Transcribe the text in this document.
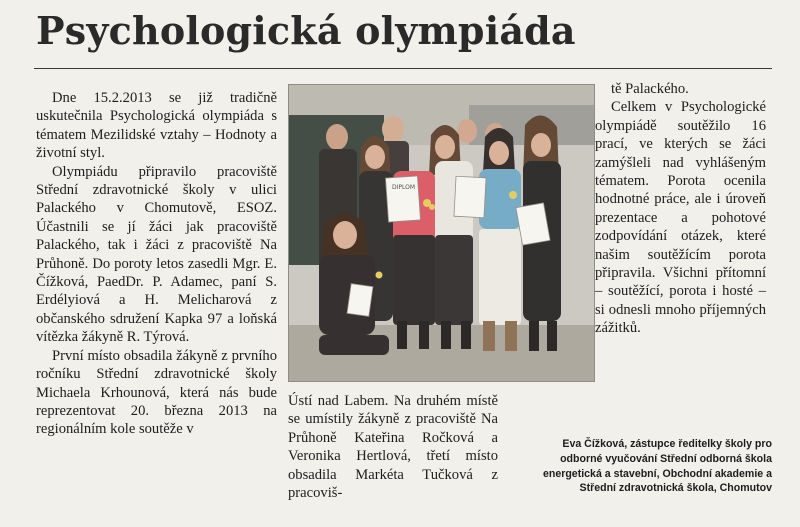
Psychologická olympiáda

Dne 15.2.2013 se již tradičně uskutečnila Psychologická olympiáda s tématem Mezilidské vztahy – Hodnoty a životní styl.

Olympiádu připravilo pracoviště Střední zdravotnické školy v ulici Palackého v Chomutově, ESOZ. Účastnili se jí žáci jak pracoviště Palackého, tak i žáci z pracoviště Na Průhoně. Do poroty letos zasedli Mgr. E. Čížková, PaedDr. P. Adamec, paní S. Erdélyiová a H. Melicharová z občanského sdružení Kapka 97 a loňská vítězka žákyně R. Týrová.

První místo obsadila žákyně z prvního ročníku Střední zdravotnické školy Michaela Krhounová, která nás bude reprezentovat 20. března 2013 na regionálním kole soutěže v

DIPLOM

Ústí nad Labem. Na druhém místě se umístily žákyně z pracoviště Na Průhoně Kateřina Ročková a Veronika Hertlová, třetí místo obsadila Markéta Tučková z pracoviš-

tě Palackého.

Celkem v Psychologické olympiádě soutěžilo 16 prací, ve kterých se žáci zamýšleli nad vyhlášeným tématem. Porota ocenila hodnotné práce, ale i úroveň prezentace a pohotové zodpovídání otázek, které našim soutěžícím porota připravila. Všichni přítomní – soutěžící, porota i hosté – si odnesli mnoho příjemných zážitků.

Eva Čížková, zástupce ředitelky školy pro odborné vyučování Střední odborná škola energetická a stavební, Obchodní akademie a Střední zdravotnická škola, Chomutov
